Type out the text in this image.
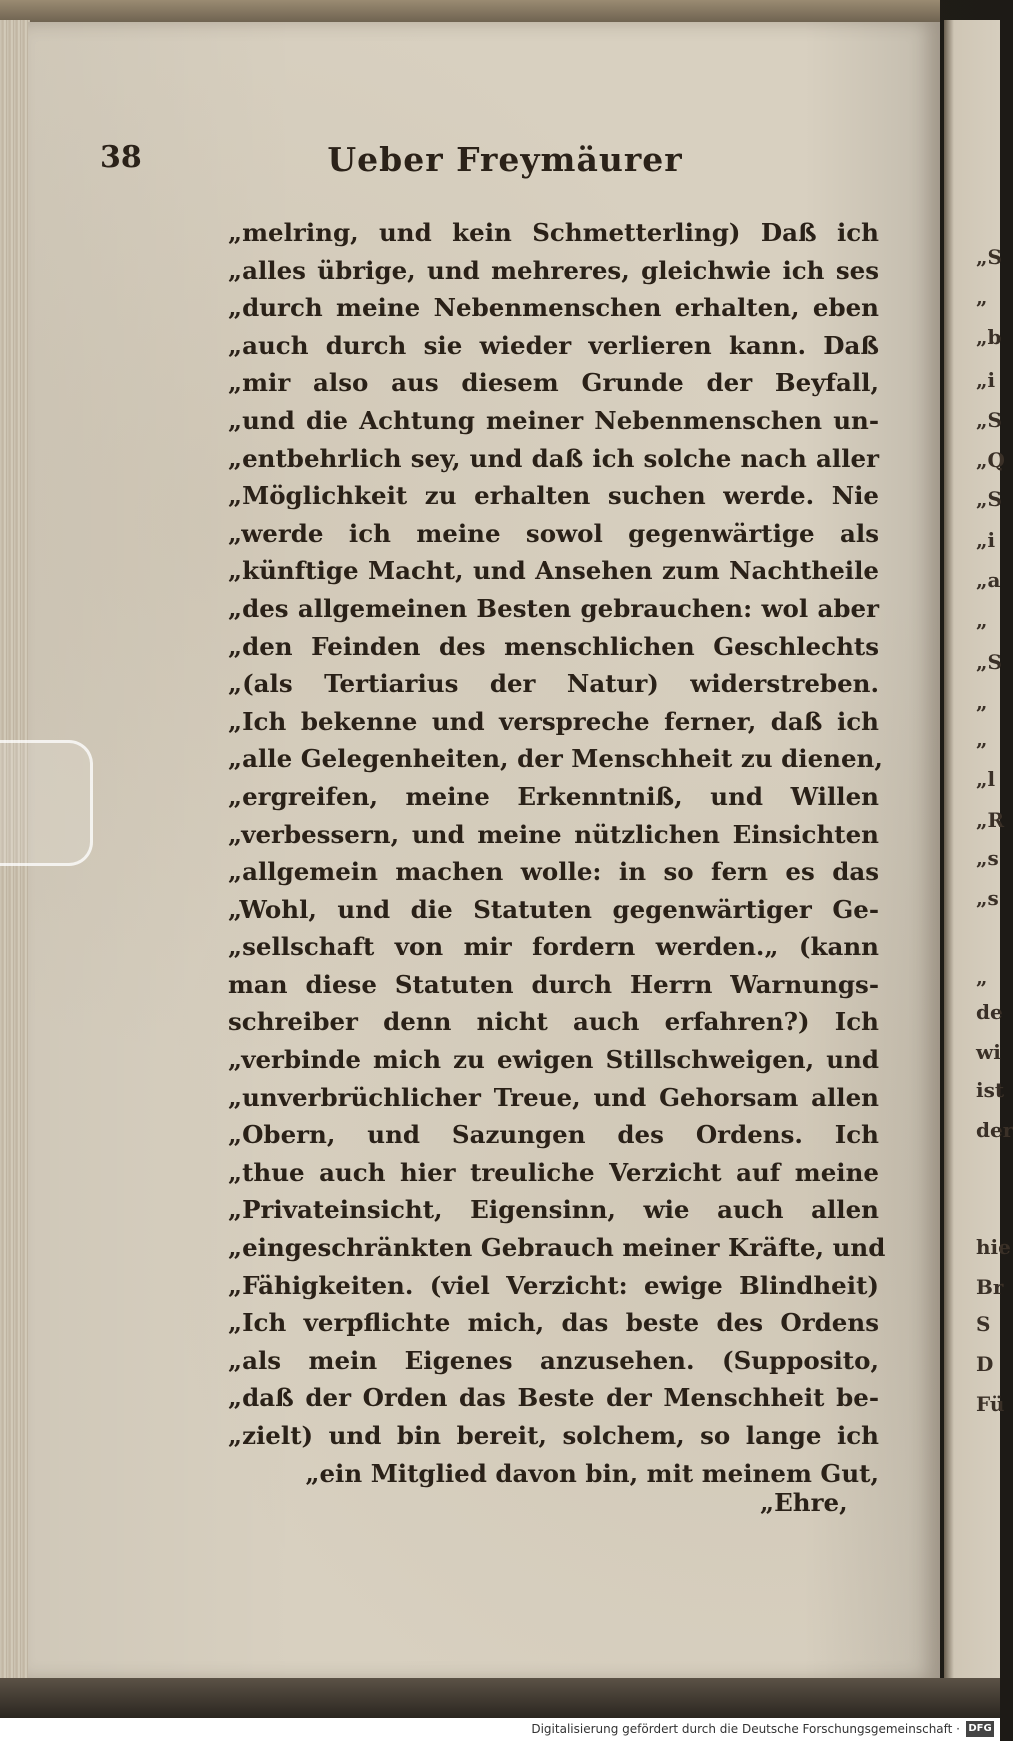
„S
„
„b
„i
„S
„Q
„S
„i
„a
„
„S
„
„
„l
„R
„s
„s
„
de
wi
ist
der
hie
Br
S
D
Fü
38	Ueber Freymäurer
„melring, und kein Schmetterling) Daß ich
„alles übrige, und mehreres, gleichwie ich ses
„durch meine Nebenmenschen erhalten, eben
„auch durch sie wieder verlieren kann. Daß
„mir also aus diesem Grunde der Beyfall,
„und die Achtung meiner Nebenmenschen un-
„entbehrlich sey, und daß ich solche nach aller
„Möglichkeit zu erhalten suchen werde. Nie
„werde ich meine sowol gegenwärtige als
„künftige Macht, und Ansehen zum Nachtheile
„des allgemeinen Besten gebrauchen: wol aber
„den Feinden des menschlichen Geschlechts
„(als Tertiarius der Natur) widerstreben.
„Ich bekenne und verspreche ferner, daß ich
„alle Gelegenheiten, der Menschheit zu dienen,
„ergreifen, meine Erkenntniß, und Willen
„verbessern, und meine nützlichen Einsichten
„allgemein machen wolle: in so fern es das
„Wohl, und die Statuten gegenwärtiger Ge-
„sellschaft von mir fordern werden.„ (kann
man diese Statuten durch Herrn Warnungs-
schreiber denn nicht auch erfahren?) Ich
„verbinde mich zu ewigen Stillschweigen, und
„unverbrüchlicher Treue, und Gehorsam allen
„Obern, und Sazungen des Ordens. Ich
„thue auch hier treuliche Verzicht auf meine
„Privateinsicht, Eigensinn, wie auch allen
„eingeschränkten Gebrauch meiner Kräfte, und
„Fähigkeiten. (viel Verzicht: ewige Blindheit)
„Ich verpflichte mich, das beste des Ordens
„als mein Eigenes anzusehen. (Supposito,
„daß der Orden das Beste der Menschheit be-
„zielt) und bin bereit, solchem, so lange ich
„ein Mitglied davon bin, mit meinem Gut,
„Ehre,
Digitalisierung gefördert durch die Deutsche Forschungsgemeinschaft · DFG
